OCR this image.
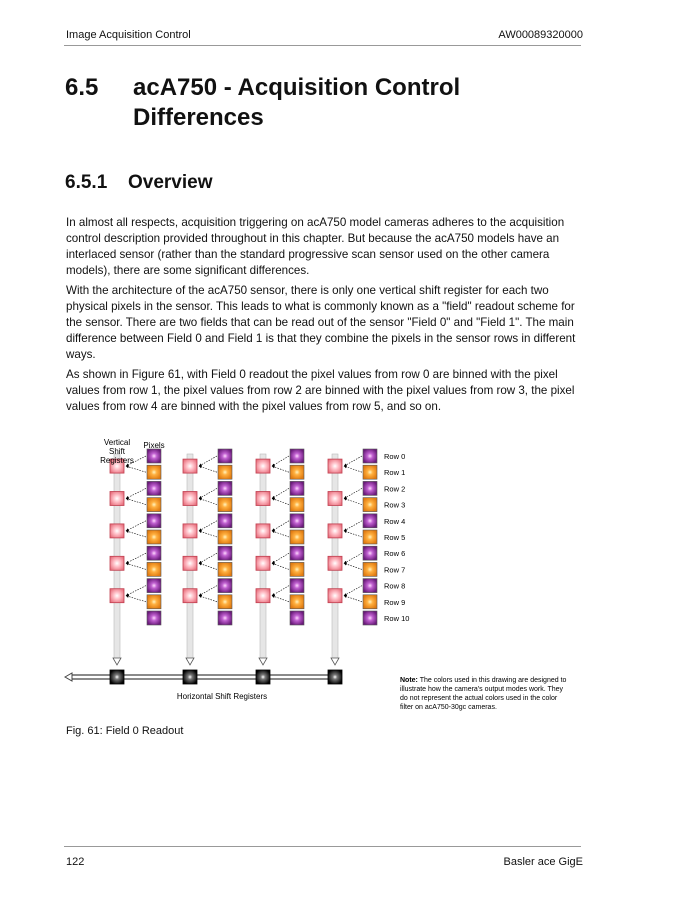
Image Acquisition Control	AW00089320000
6.5 acA750 - Acquisition Control Differences
6.5.1 Overview

In almost all respects, acquisition triggering on acA750 model cameras adheres to the acquisition control description provided throughout in this chapter. But because the acA750 models have an interlaced sensor (rather than the standard progressive scan sensor used on the other camera models), there are some significant differences.

With the architecture of the acA750 sensor, there is only one vertical shift register for each two physical pixels in the sensor. This leads to what is commonly known as a "field" readout scheme for the sensor. There are two fields that can be read out of the sensor "Field 0" and "Field 1". The main difference between Field 0 and Field 1 is that they combine the pixels in the sensor rows in different ways.

As shown in Figure 61, with Field 0 readout the pixel values from row 0 are binned with the pixel values from row 1, the pixel values from row 2 are binned with the pixel values from row 3, the pixel values from row 4 are binned with the pixel values from row 5, and so on.

Row 0
Row 1
Row 2
Row 3
Row 4
Row 5
Row 6
Row 7
Row 8
Row 9
Row 10
Vertical
Shift
Registers
Pixels
Horizontal Shift Registers
Note: The colors used in this drawing are designed to
illustrate how the camera's output modes work. They
do not represent the actual colors used in the color
filter on acA750-30gc cameras.
Fig. 61: Field 0 Readout
122	Basler ace GigE
